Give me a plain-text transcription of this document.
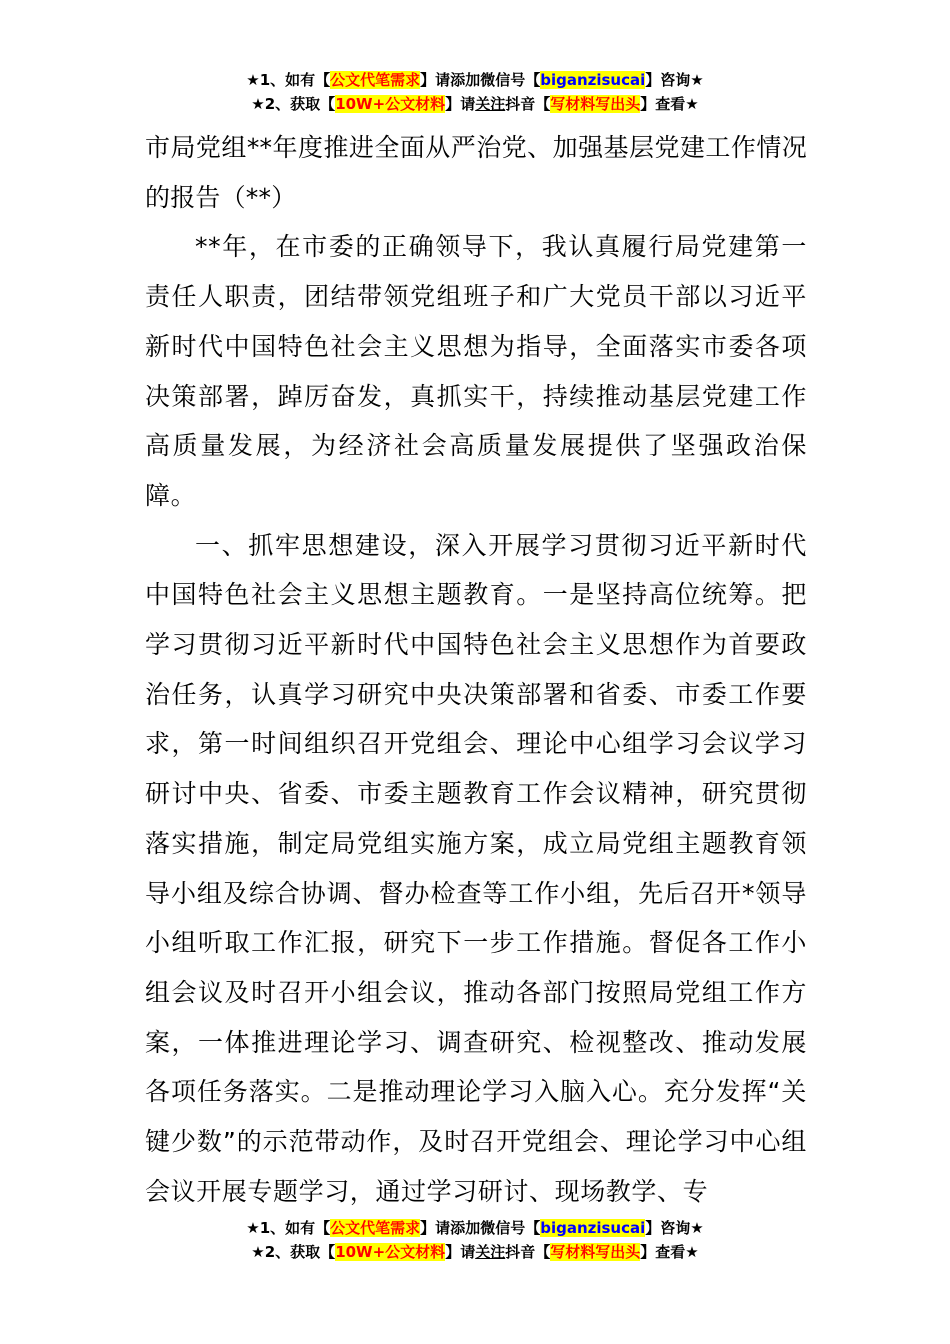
★1、如有【公文代笔需求】请添加微信号【biganzisucai】咨询★
★2、获取【10W+公文材料】请关注抖音【写材料写出头】查看★

市局党组**年度推进全面从严治党、加强基层党建工作情况的报告（**）

**年，在市委的正确领导下，我认真履行局党建第一责任人职责，团结带领党组班子和广大党员干部以习近平新时代中国特色社会主义思想为指导，全面落实市委各项决策部署，踔厉奋发，真抓实干，持续推动基层党建工作高质量发展，为经济社会高质量发展提供了坚强政治保障。

一、抓牢思想建设，深入开展学习贯彻习近平新时代中国特色社会主义思想主题教育。一是坚持高位统筹。把学习贯彻习近平新时代中国特色社会主义思想作为首要政治任务，认真学习研究中央决策部署和省委、市委工作要求，第一时间组织召开党组会、理论中心组学习会议学习研讨中央、省委、市委主题教育工作会议精神，研究贯彻落实措施，制定局党组实施方案，成立局党组主题教育领导小组及综合协调、督办检查等工作小组，先后召开*领导小组听取工作汇报，研究下一步工作措施。督促各工作小组会议及时召开小组会议，推动各部门按照局党组工作方案，一体推进理论学习、调查研究、检视整改、推动发展各项任务落实。二是推动理论学习入脑入心。充分发挥“关键少数”的示范带动作，及时召开党组会、理论学习中心组会议开展专题学习，通过学习研讨、现场教学、专

★1、如有【公文代笔需求】请添加微信号【biganzisucai】咨询★
★2、获取【10W+公文材料】请关注抖音【写材料写出头】查看★
